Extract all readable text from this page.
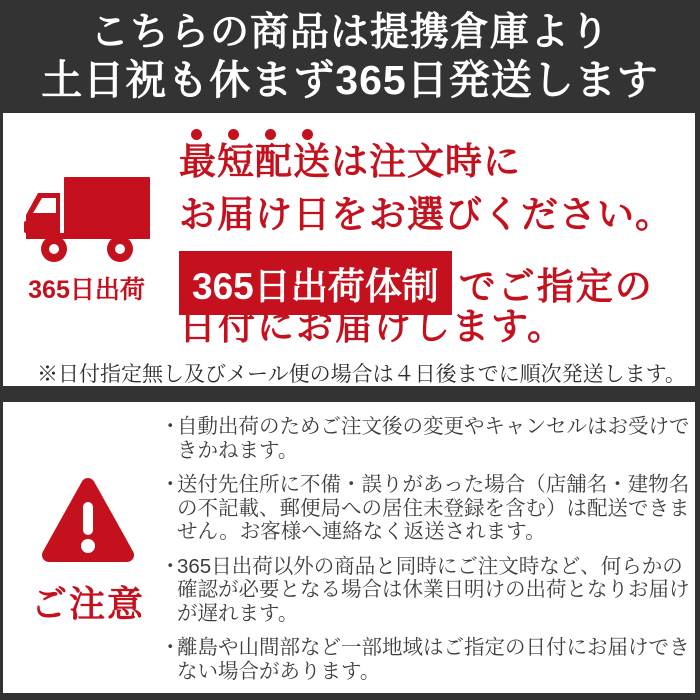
こちらの商品は提携倉庫より
土日祝も休まず365日発送します
365日出荷
最短配送は注文時に
お届け日をお選びください。
365日出荷体制 でご指定の
日付にお届けします。
※日付指定無し及びメール便の場合は４日後までに順次発送します。
ご注意
・
自動出荷のためご注文後の変更やキャンセルはお受けできかねます。
・
送付先住所に不備・誤りがあった場合（店舗名・建物名の不記載、郵便局への居住未登録を含む）は配送できません。お客様へ連絡なく返送されます。
・
365日出荷以外の商品と同時にご注文時など、何らかの確認が必要となる場合は休業日明けの出荷となりお届けが遅れます。
・
離島や山間部など一部地域はご指定の日付にお届けできない場合があります。
